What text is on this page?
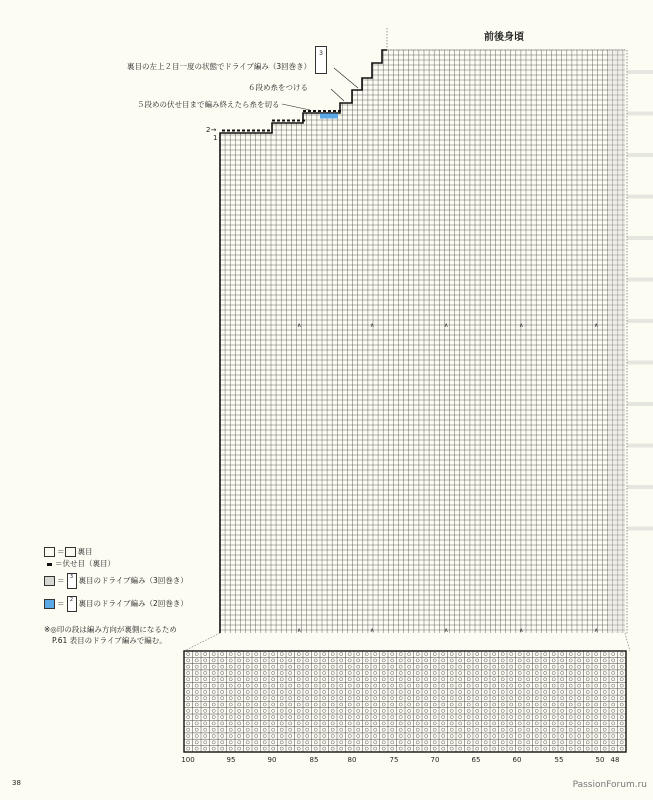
∧
∧
∧
∧
∧
∧
∧
∧
∧
∧
前後身頃
裏目の左上２目一度の状態でドライブ編み（3回巻き）
６段め糸をつける
５段めの伏せ目まで編み終えたら糸を切る
3
2→
1
＝ 裏目
＝伏せ目（裏目）
＝ 3 裏目のドライブ編み（3回巻き）
＝ 2 裏目のドライブ編み（2回巻き）
※◎印の段は編み方向が裏側になるため
P.61 表目のドライブ編みで編む。
100	95	90	85	80	75	70	65	60	55	50 48
38	PassionForum.ru
